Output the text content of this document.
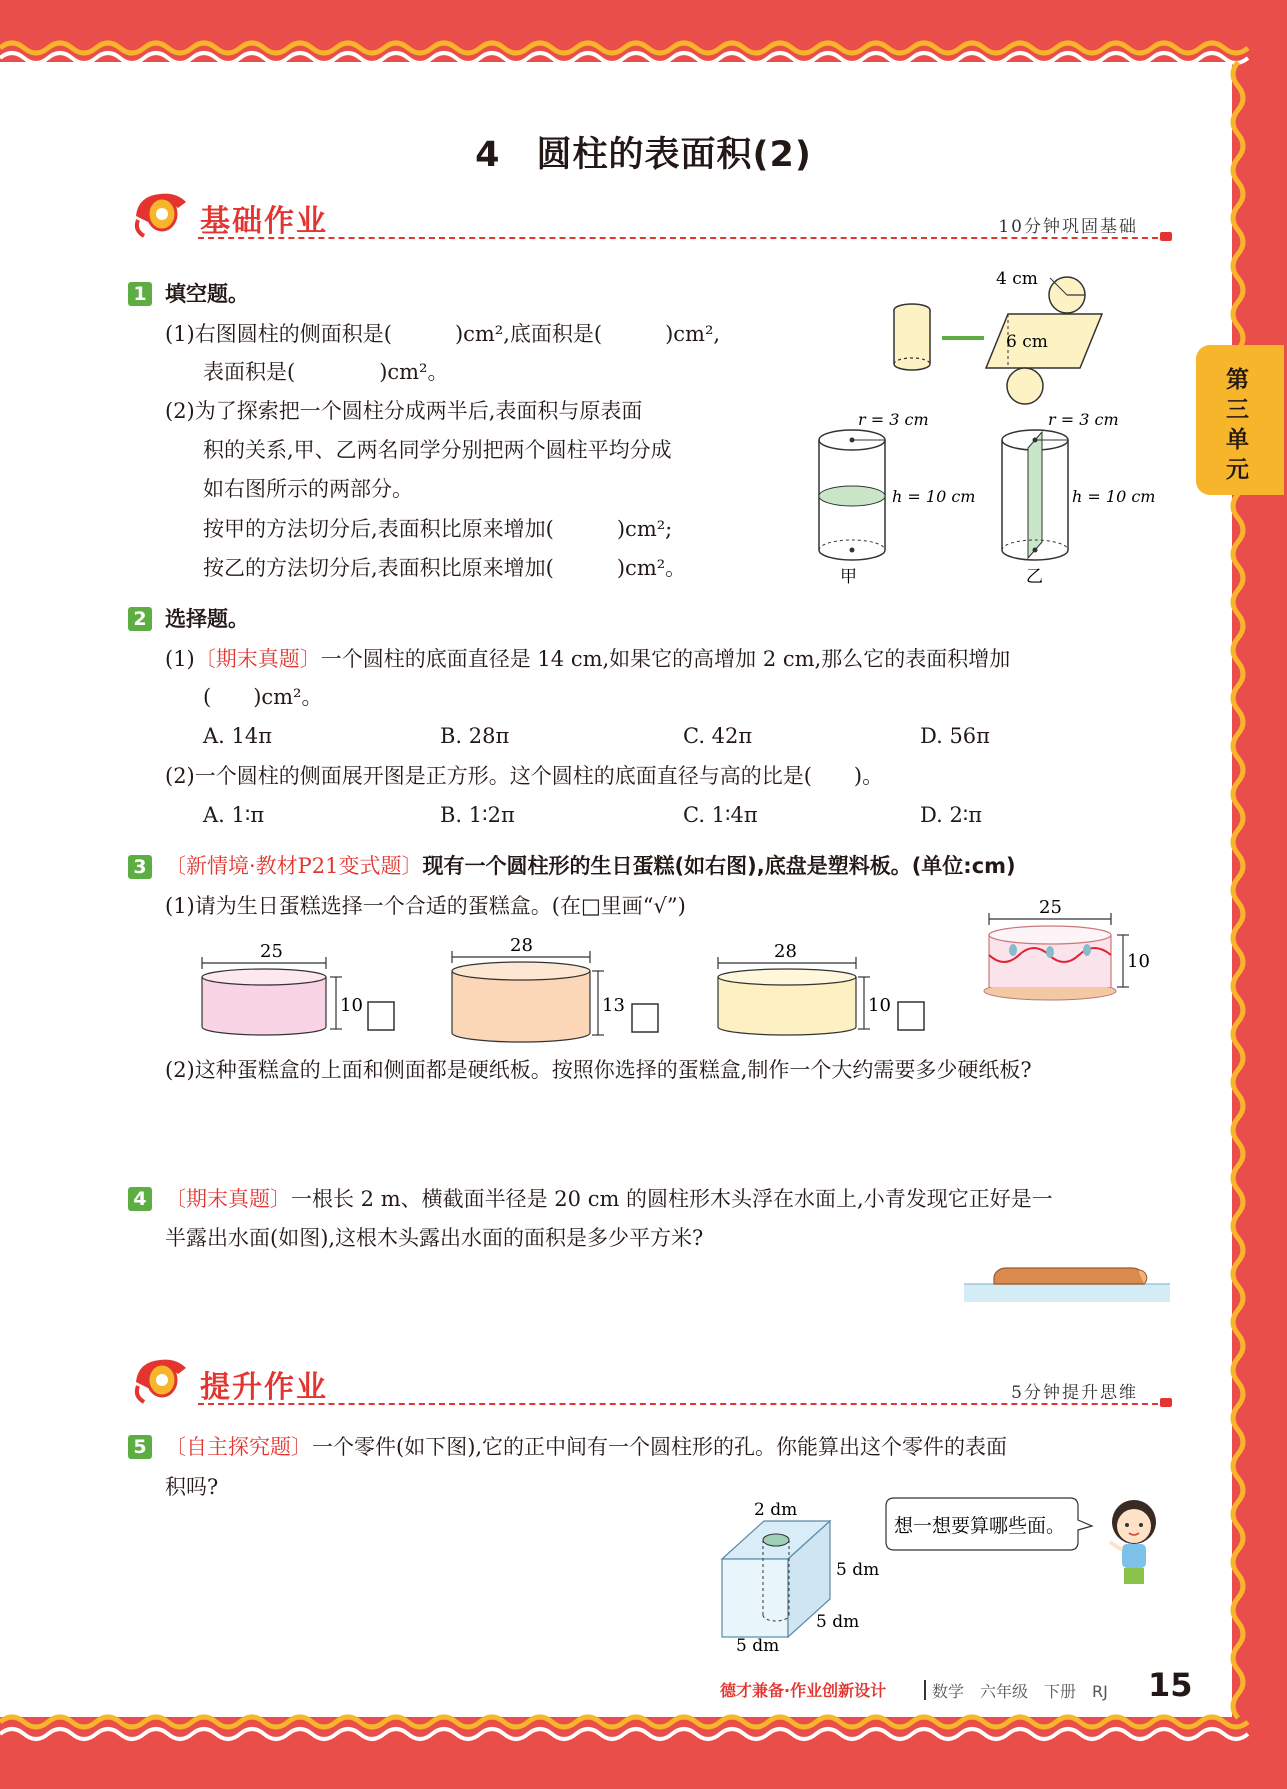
4　圆柱的表面积(2)
第三单元
基础作业	10分钟巩固基础
1 填空题。
(1)右图圆柱的侧面积是(　　　)cm²,底面积是(　　　)cm²,
表面积是(　　　　)cm²。
(2)为了探索把一个圆柱分成两半后,表面积与原表面
积的关系,甲、乙两名同学分别把两个圆柱平均分成
如右图所示的两部分。
按甲的方法切分后,表面积比原来增加(　　　)cm²;
按乙的方法切分后,表面积比原来增加(　　　)cm²。
4 cm
6 cm
r = 3 cm
h = 10 cm
甲
r = 3 cm
h = 10 cm
乙
2 选择题。
(1)〔期末真题〕一个圆柱的底面直径是 14 cm,如果它的高增加 2 cm,那么它的表面积增加
(　　)cm²。
A. 14π	B. 28π	C. 42π	D. 56π
(2)一个圆柱的侧面展开图是正方形。这个圆柱的底面直径与高的比是(　　)。
A. 1∶π	B. 1∶2π	C. 1∶4π	D. 2∶π
3 〔新情境·教材P21变式题〕现有一个圆柱形的生日蛋糕(如右图),底盘是塑料板。(单位:cm)
(1)请为生日蛋糕选择一个合适的蛋糕盒。(在□里画“√”)	25
10
25
10
28
13
28
10
(2)这种蛋糕盒的上面和侧面都是硬纸板。按照你选择的蛋糕盒,制作一个大约需要多少硬纸板?
4 〔期末真题〕一根长 2 m、横截面半径是 20 cm 的圆柱形木头浮在水面上,小青发现它正好是一
半露出水面(如图),这根木头露出水面的面积是多少平方米?
提升作业	5分钟提升思维
5 〔自主探究题〕一个零件(如下图),它的正中间有一个圆柱形的孔。你能算出这个零件的表面
积吗?
2 dm
5 dm
5 dm
5 dm
想一想要算哪些面。
德才兼备·作业创新设计	数学　六年级　下册　RJ 15
